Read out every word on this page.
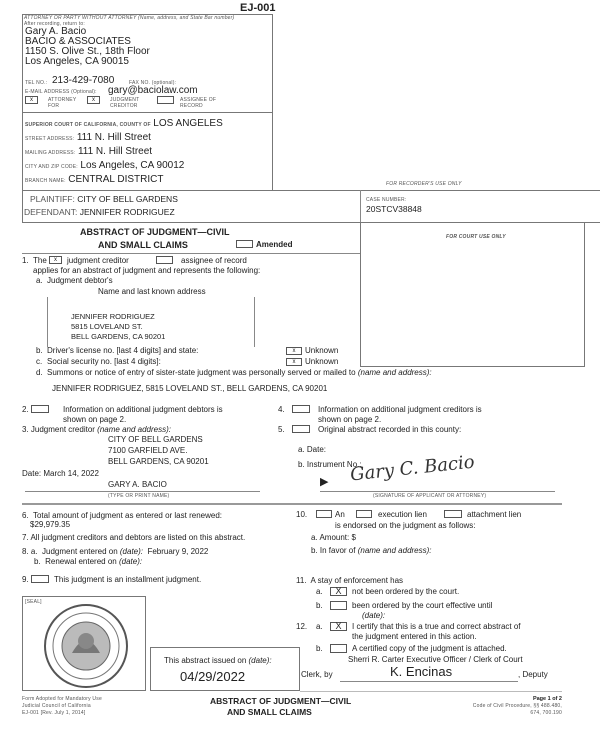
EJ-001
ATTORNEY OR PARTY WITHOUT ATTORNEY (Name, address, and State Bar number)
After recording, return to:
Gary A. Bacio
BACIO & ASSOCIATES
1150 S. Olive St., 18th Floor
Los Angeles, CA 90015
TEL NO.: 213-429-7080	FAX NO. (optional):
E-MAIL ADDRESS (Optional): gary@baciolaw.com
x	ATTORNEY FOR
x	JUDGMENT CREDITOR
ASSIGNEE OF RECORD
SUPERIOR COURT OF CALIFORNIA, COUNTY OF LOS ANGELES
STREET ADDRESS: 111 N. Hill Street
MAILING ADDRESS: 111 N. Hill Street
CITY AND ZIP CODE: Los Angeles, CA 90012
BRANCH NAME: CENTRAL DISTRICT	FOR RECORDER'S USE ONLY
PLAINTIFF: CITY OF BELL GARDENS
DEFENDANT: JENNIFER RODRIGUEZ
CASE NUMBER:
20STCV38848
ABSTRACT OF JUDGMENT—CIVIL
AND SMALL CLAIMS	Amended
FOR COURT USE ONLY
1. The	x	judgment creditor	assignee of record
applies for an abstract of judgment and represents the following:
a. Judgment debtor's
Name and last known address
JENNIFER RODRIGUEZ
5815 LOVELAND ST.
BELL GARDENS, CA 90201
b. Driver's license no. [last 4 digits] and state:	x	Unknown
c. Social security no. [last 4 digits]:	x	Unknown
d. Summons or notice of entry of sister-state judgment was personally served or mailed to (name and address):
JENNIFER RODRIGUEZ, 5815 LOVELAND ST., BELL GARDENS, CA 90201
2.	Information on additional judgment debtors is
shown on page 2.
3. Judgment creditor (name and address):
CITY OF BELL GARDENS
7100 GARFIELD AVE.
BELL GARDENS, CA 90201
4.	Information on additional judgment creditors is
shown on page 2.
5.	Original abstract recorded in this county:
a. Date:
b. Instrument No.:
Date: March 14, 2022
GARY A. BACIO
(TYPE OR PRINT NAME)
▶ Gary C. Bacio
(SIGNATURE OF APPLICANT OR ATTORNEY)
6. Total amount of judgment as entered or last renewed:
$29,979.35
7. All judgment creditors and debtors are listed on this abstract.
8. a. Judgment entered on (date): February 9, 2022
b. Renewal entered on (date):
9.	This judgment is an installment judgment.
[SEAL]
This abstract issued on (date):
04/29/2022
10.	An	execution lien	attachment lien
is endorsed on the judgment as follows:
a. Amount: $
b. In favor of (name and address):
11. A stay of enforcement has
a.	X	not been ordered by the court.
b.	been ordered by the court effective until
(date):
12. a.	X	I certify that this is a true and correct abstract of
the judgment entered in this action.
b.	A certified copy of the judgment is attached.
Sherri R. Carter Executive Officer / Clerk of Court
Clerk, by	K. Encinas	, Deputy
Form Adopted for Mandatory Use
Judicial Council of California
EJ-001 [Rev. July 1, 2014]
ABSTRACT OF JUDGMENT—CIVIL
AND SMALL CLAIMS
Page 1 of 2
Code of Civil Procedure, §§ 488.480,
674, 700.190
